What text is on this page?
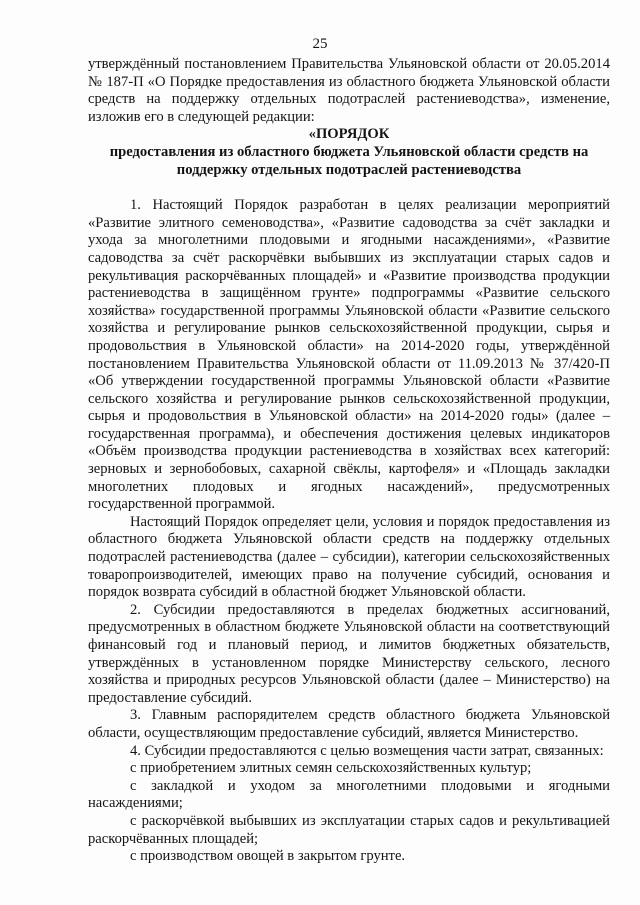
25

утверждённый постановлением Правительства Ульяновской области от 20.05.2014 № 187-П «О Порядке предоставления из областного бюджета Ульяновской области средств на поддержку отдельных подотраслей растениеводства», изменение, изложив его в следующей редакции:

«ПОРЯДОК

предоставления из областного бюджета Ульяновской области средств на поддержку отдельных подотраслей растениеводства

1. Настоящий Порядок разработан в целях реализации мероприятий «Развитие элитного семеноводства», «Развитие садоводства за счёт закладки и ухода за многолетними плодовыми и ягодными насаждениями», «Развитие садоводства за счёт раскорчёвки выбывших из эксплуатации старых садов и рекультивация раскорчёванных площадей» и «Развитие производства продукции растениеводства в защищённом грунте» подпрограммы «Развитие сельского хозяйства» государственной программы Ульяновской области «Развитие сельского хозяйства и регулирование рынков сельскохозяйственной продукции, сырья и продовольствия в Ульяновской области» на 2014-2020 годы, утверждённой постановлением Правительства Ульяновской области от 11.09.2013 № 37/420-П «Об утверждении государственной программы Ульяновской области «Развитие сельского хозяйства и регулирование рынков сельскохозяйственной продукции, сырья и продовольствия в Ульяновской области» на 2014-2020 годы» (далее – государственная программа), и обеспечения достижения целевых индикаторов «Объём производства продукции растениеводства в хозяйствах всех категорий: зерновых и зернобобовых, сахарной свёклы, картофеля» и «Площадь закладки многолетних плодовых и ягодных насаждений», предусмотренных государственной программой.

Настоящий Порядок определяет цели, условия и порядок предоставления из областного бюджета Ульяновской области средств на поддержку отдельных подотраслей растениеводства (далее – субсидии), категории сельскохозяйственных товаропроизводителей, имеющих право на получение субсидий, основания и порядок возврата субсидий в областной бюджет Ульяновской области.

2. Субсидии предоставляются в пределах бюджетных ассигнований, предусмотренных в областном бюджете Ульяновской области на соответствующий финансовый год и плановый период, и лимитов бюджетных обязательств, утверждённых в установленном порядке Министерству сельского, лесного хозяйства и природных ресурсов Ульяновской области (далее – Министерство) на предоставление субсидий.

3. Главным распорядителем средств областного бюджета Ульяновской области, осуществляющим предоставление субсидий, является Министерство.

4. Субсидии предоставляются с целью возмещения части затрат, связанных:

с приобретением элитных семян сельскохозяйственных культур;

с закладкой и уходом за многолетними плодовыми и ягодными насаждениями;

с раскорчёвкой выбывших из эксплуатации старых садов и рекультивацией раскорчёванных площадей;

с производством овощей в закрытом грунте.
